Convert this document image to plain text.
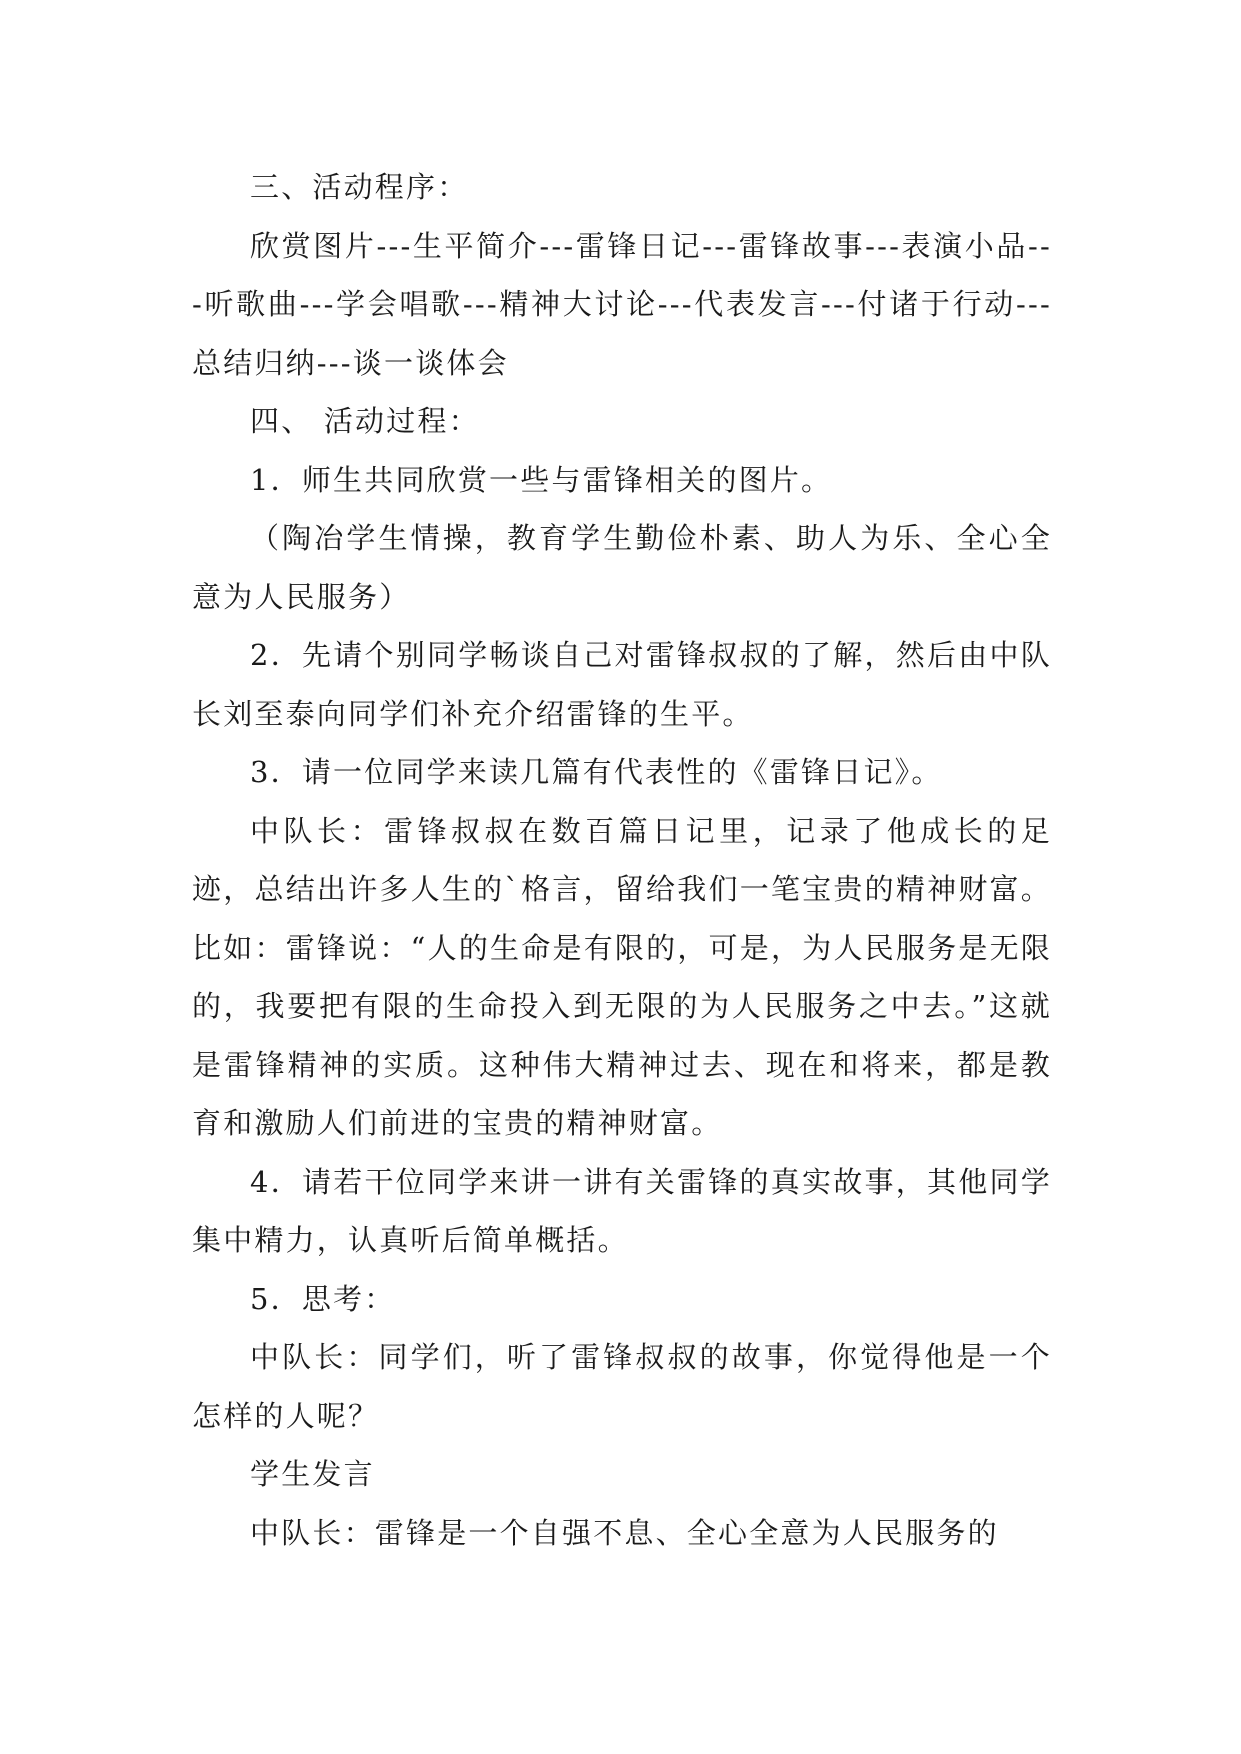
三、活动程序：

欣赏图片---生平简介---雷锋日记---雷锋故事---表演小品---听歌曲---学会唱歌---精神大讨论---代表发言---付诸于行动---总结归纳---谈一谈体会

四、 活动过程：

1．师生共同欣赏一些与雷锋相关的图片。

（陶冶学生情操，教育学生勤俭朴素、助人为乐、全心全意为人民服务）

2．先请个别同学畅谈自己对雷锋叔叔的了解，然后由中队长刘至泰向同学们补充介绍雷锋的生平。

3．请一位同学来读几篇有代表性的《雷锋日记》。

中队长：雷锋叔叔在数百篇日记里，记录了他成长的足迹，总结出许多人生的`格言，留给我们一笔宝贵的精神财富。比如：雷锋说：“人的生命是有限的，可是，为人民服务是无限的，我要把有限的生命投入到无限的为人民服务之中去。”这就是雷锋精神的实质。这种伟大精神过去、现在和将来，都是教育和激励人们前进的宝贵的精神财富。

4．请若干位同学来讲一讲有关雷锋的真实故事，其他同学集中精力，认真听后简单概括。

5．思考：

中队长：同学们，听了雷锋叔叔的故事，你觉得他是一个怎样的人呢？

学生发言

中队长：雷锋是一个自强不息、全心全意为人民服务的
